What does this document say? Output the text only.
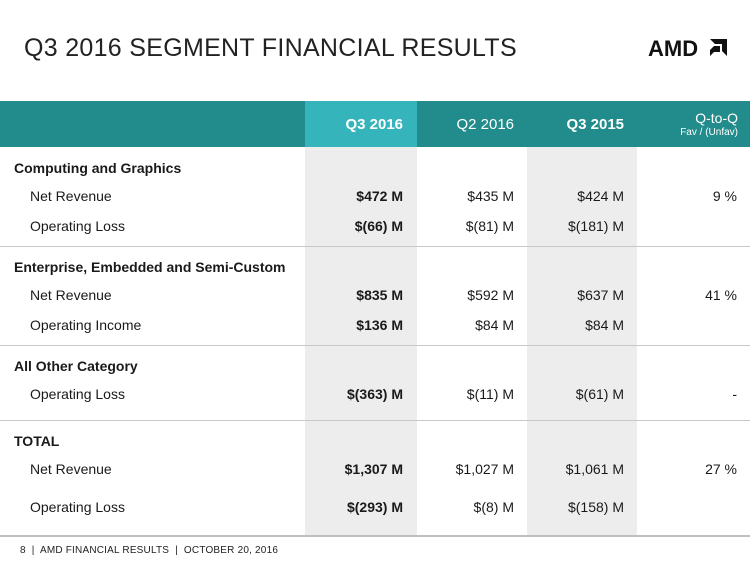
Q3 2016 SEGMENT FINANCIAL RESULTS	AMD
Q3 2016	Q2 2016	Q3 2015	Q-to-Q
Fav / (Unfav)
Computing and Graphics
Net Revenue	$472 M	$435 M	$424 M	9 %
Operating Loss	$(66) M	$(81) M	$(181) M
Enterprise, Embedded and Semi-Custom
Net Revenue	$835 M	$592 M	$637 M	41 %
Operating Income	$136 M	$84 M	$84 M
All Other Category
Operating Loss	$(363) M	$(11) M	$(61) M	-
TOTAL
Net Revenue	$1,307 M	$1,027 M	$1,061 M	27 %
Operating Loss	$(293) M	$(8) M	$(158) M
8  |  AMD FINANCIAL RESULTS  |  OCTOBER 20, 2016
